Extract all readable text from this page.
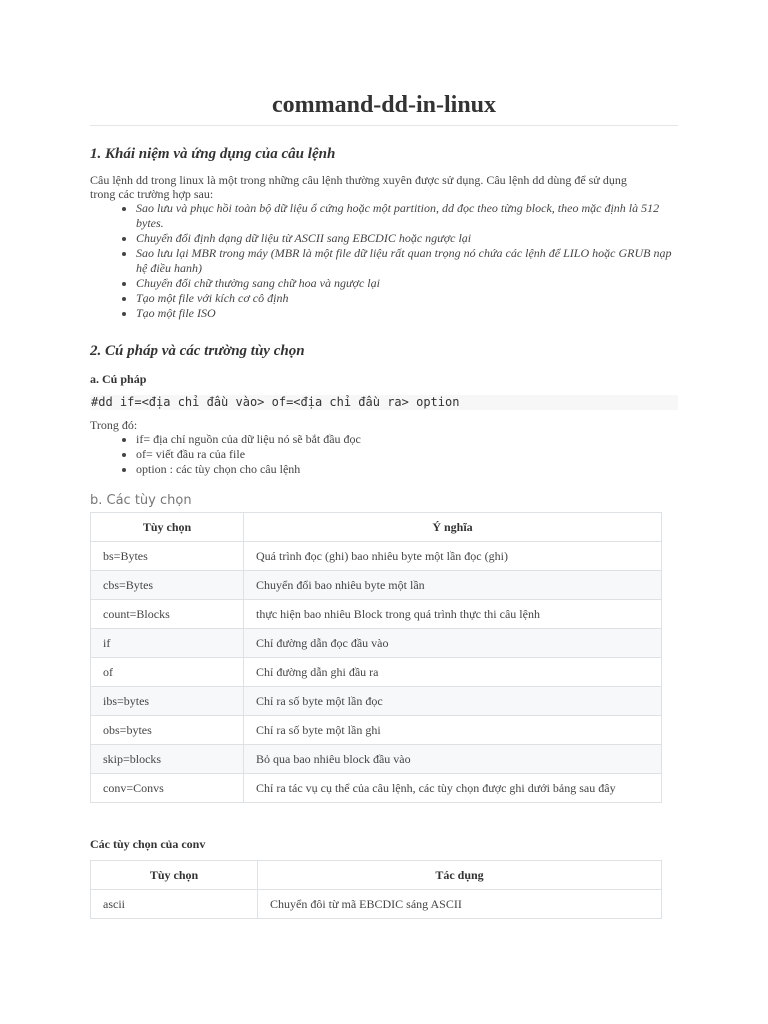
command-dd-in-linux
1. Khái niệm và ứng dụng của câu lệnh

Câu lệnh dd trong linux là một trong những câu lệnh thường xuyên được sử dụng. Câu lệnh dd dùng để sử dụng
trong các trường hợp sau:

• Sao lưu và phục hồi toàn bộ dữ liệu ổ cứng hoặc một partition, dd đọc theo từng block, theo mặc định là 512 bytes.
• Chuyển đổi định dạng dữ liệu từ ASCII sang EBCDIC hoặc ngược lại
• Sao lưu lại MBR trong máy (MBR là một file dữ liệu rất quan trọng nó chứa các lệnh để LILO hoặc GRUB nạp hệ điều hanh)
• Chuyển đổi chữ thường sang chữ hoa và ngược lại
• Tạo một file với kích cơ cô định
• Tạo một file ISO
2. Cú pháp và các trường tùy chọn
a. Cú pháp
#dd if=<địa chỉ đầu vào> of=<địa chỉ đầu ra> option

Trong đó:

• if= địa chỉ nguồn của dữ liệu nó sẽ bắt đầu đọc
• of= viết đầu ra của file
• option : các tùy chọn cho câu lệnh
b. Các tùy chọn
Tùy chọn	Ý nghĩa
bs=Bytes	Quá trình đọc (ghi) bao nhiêu byte một lần đọc (ghi)
cbs=Bytes	Chuyển đổi bao nhiêu byte một lần
count=Blocks	thực hiện bao nhiêu Block trong quá trình thực thi câu lệnh
if	Chỉ đường dẫn đọc đầu vào
of	Chỉ đường dẫn ghi đầu ra
ibs=bytes	Chỉ ra số byte một lần đọc
obs=bytes	Chỉ ra số byte một lần ghi
skip=blocks	Bỏ qua bao nhiêu block đầu vào
conv=Convs	Chỉ ra tác vụ cụ thể của câu lệnh, các tùy chọn được ghi dưới bảng sau đây
Các tùy chọn của conv
Tùy chọn	Tác dụng
ascii	Chuyển đôi từ mã EBCDIC sáng ASCII
